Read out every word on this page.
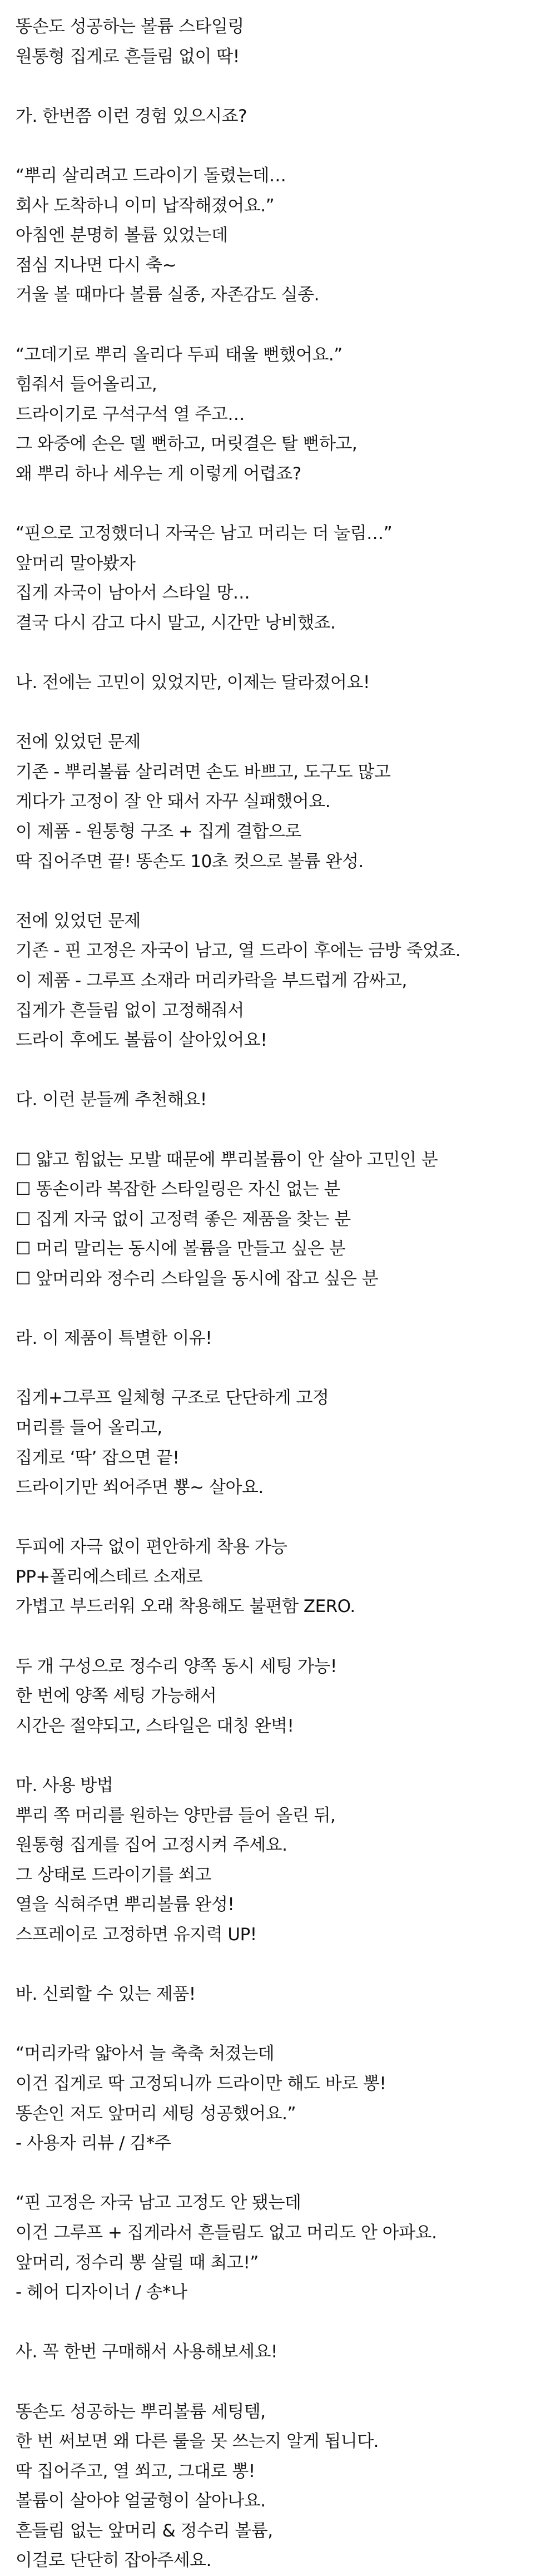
똥손도 성공하는 볼륨 스타일링
원통형 집게로 흔들림 없이 딱!
가. 한번쯤 이런 경험 있으시죠?
“뿌리 살리려고 드라이기 돌렸는데…
회사 도착하니 이미 납작해졌어요.”
아침엔 분명히 볼륨 있었는데
점심 지나면 다시 축~
거울 볼 때마다 볼륨 실종, 자존감도 실종.
“고데기로 뿌리 올리다 두피 태울 뻔했어요.”
힘줘서 들어올리고,
드라이기로 구석구석 열 주고…
그 와중에 손은 델 뻔하고, 머릿결은 탈 뻔하고,
왜 뿌리 하나 세우는 게 이렇게 어렵죠?
“핀으로 고정했더니 자국은 남고 머리는 더 눌림…”
앞머리 말아봤자
집게 자국이 남아서 스타일 망…
결국 다시 감고 다시 말고, 시간만 낭비했죠.
나. 전에는 고민이 있었지만, 이제는 달라졌어요!
전에 있었던 문제
기존 - 뿌리볼륨 살리려면 손도 바쁘고, 도구도 많고
게다가 고정이 잘 안 돼서 자꾸 실패했어요.
이 제품 - 원통형 구조 + 집게 결합으로
딱 집어주면 끝! 똥손도 10초 컷으로 볼륨 완성.
전에 있었던 문제
기존 - 핀 고정은 자국이 남고, 열 드라이 후에는 금방 죽었죠.
이 제품 - 그루프 소재라 머리카락을 부드럽게 감싸고,
집게가 흔들림 없이 고정해줘서
드라이 후에도 볼륨이 살아있어요!
다. 이런 분들께 추천해요!
☐ 얇고 힘없는 모발 때문에 뿌리볼륨이 안 살아 고민인 분
☐ 똥손이라 복잡한 스타일링은 자신 없는 분
☐ 집게 자국 없이 고정력 좋은 제품을 찾는 분
☐ 머리 말리는 동시에 볼륨을 만들고 싶은 분
☐ 앞머리와 정수리 스타일을 동시에 잡고 싶은 분
라. 이 제품이 특별한 이유!
집게+그루프 일체형 구조로 단단하게 고정
머리를 들어 올리고,
집게로 ‘딱’ 잡으면 끝!
드라이기만 쐬어주면 뿅~ 살아요.
두피에 자극 없이 편안하게 착용 가능
PP+폴리에스테르 소재로
가볍고 부드러워 오래 착용해도 불편함 ZERO.
두 개 구성으로 정수리 양쪽 동시 세팅 가능!
한 번에 양쪽 세팅 가능해서
시간은 절약되고, 스타일은 대칭 완벽!
마. 사용 방법
뿌리 쪽 머리를 원하는 양만큼 들어 올린 뒤,
원통형 집게를 집어 고정시켜 주세요.
그 상태로 드라이기를 쐬고
열을 식혀주면 뿌리볼륨 완성!
스프레이로 고정하면 유지력 UP!
바. 신뢰할 수 있는 제품!
“머리카락 얇아서 늘 축축 처졌는데
이건 집게로 딱 고정되니까 드라이만 해도 바로 뽕!
똥손인 저도 앞머리 세팅 성공했어요.”
- 사용자 리뷰 / 김*주
“핀 고정은 자국 남고 고정도 안 됐는데
이건 그루프 + 집게라서 흔들림도 없고 머리도 안 아파요.
앞머리, 정수리 뽕 살릴 때 최고!”
- 헤어 디자이너 / 송*나
사. 꼭 한번 구매해서 사용해보세요!
똥손도 성공하는 뿌리볼륨 세팅템,
한 번 써보면 왜 다른 룰을 못 쓰는지 알게 됩니다.
딱 집어주고, 열 쐬고, 그대로 뽕!
볼륨이 살아야 얼굴형이 살아나요.
흔들림 없는 앞머리 & 정수리 볼륨,
이걸로 단단히 잡아주세요.
